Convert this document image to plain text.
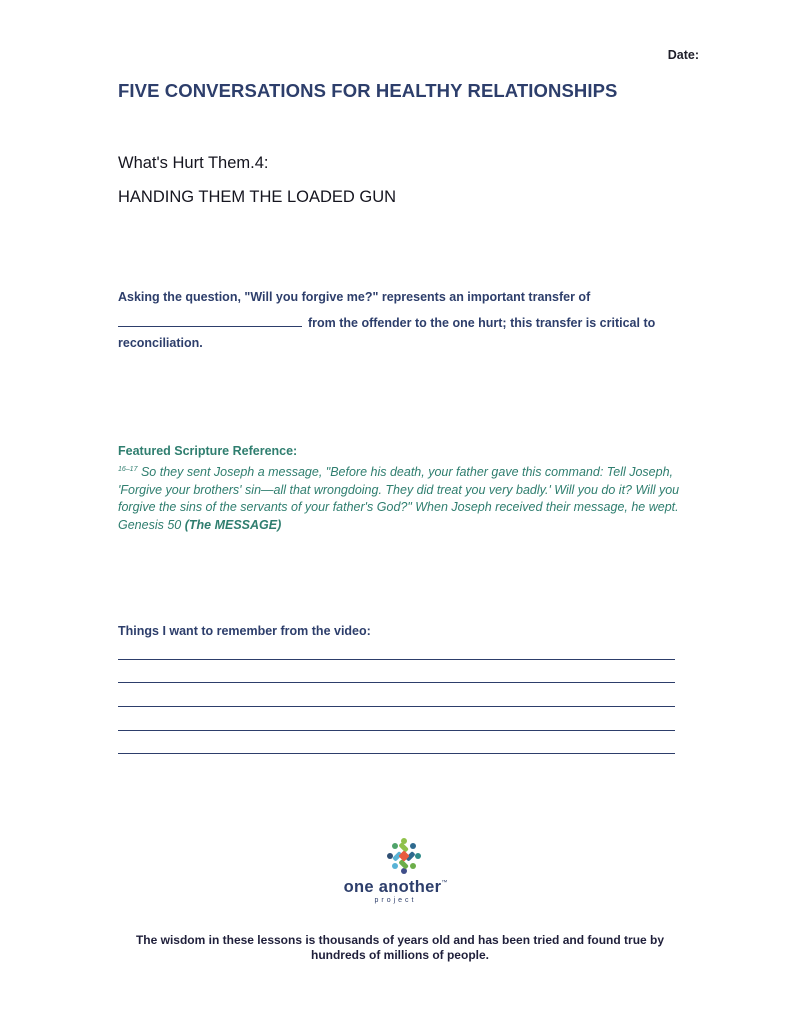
Date:
FIVE CONVERSATIONS FOR HEALTHY RELATIONSHIPS
What's Hurt Them.4:
HANDING THEM THE LOADED GUN
Asking the question, "Will you forgive me?" represents an important transfer of
from the offender to the one hurt; this transfer is critical to
reconciliation.
Featured Scripture Reference:
$^{16-17}$ So they sent Joseph a message, "Before his death, your father gave this command: Tell Joseph, 'Forgive your brothers' sin—all that wrongdoing. They did treat you very badly.' Will you do it? Will you forgive the sins of the servants of your father's God?" When Joseph received their message, he wept. Genesis 50 (The MESSAGE)
Things I want to remember from the video:
one another™
project
The wisdom in these lessons is thousands of years old and has been tried and found true by hundreds of millions of people.
